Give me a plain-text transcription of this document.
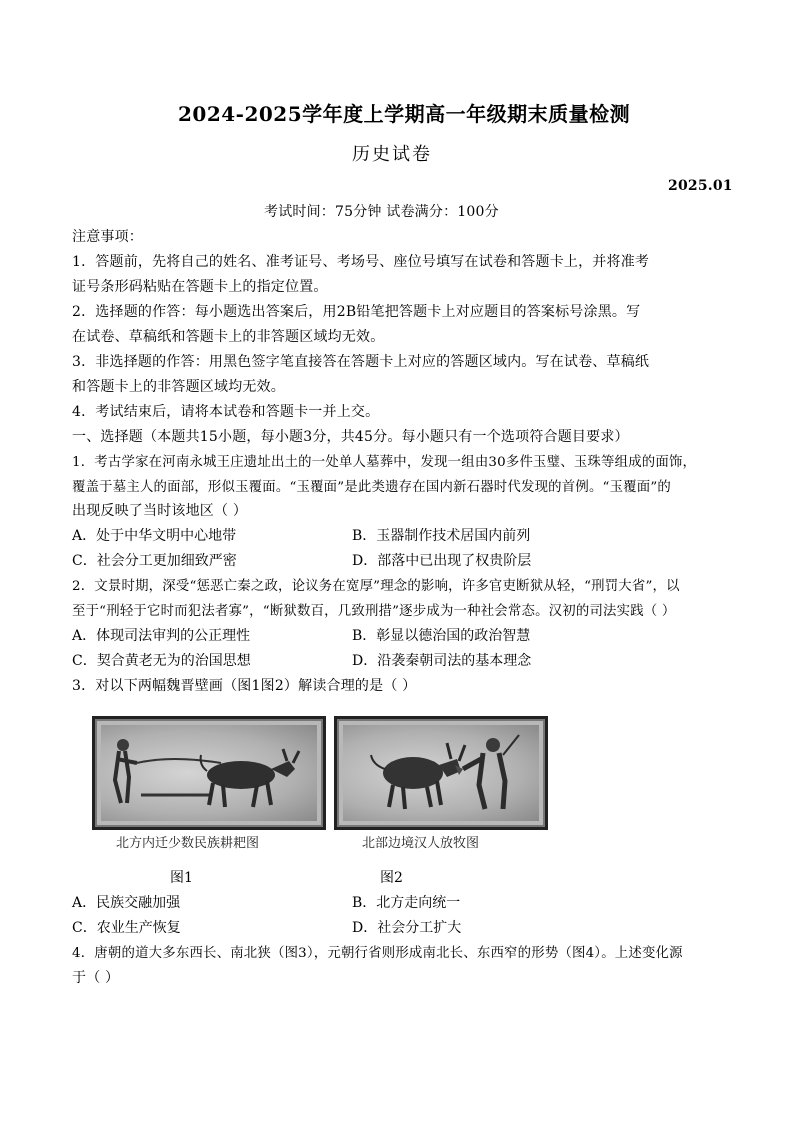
2024-2025学年度上学期高一年级期末质量检测
历史试卷
2025.01
考试时间：75分钟 试卷满分：100分
注意事项：
1．答题前，先将自己的姓名、准考证号、考场号、座位号填写在试卷和答题卡上，并将准考
证号条形码粘贴在答题卡上的指定位置。
2．选择题的作答：每小题选出答案后，用2B铅笔把答题卡上对应题目的答案标号涂黑。写
在试卷、草稿纸和答题卡上的非答题区域均无效。
3．非选择题的作答：用黑色签字笔直接答在答题卡上对应的答题区域内。写在试卷、草稿纸
和答题卡上的非答题区域均无效。
4．考试结束后，请将本试卷和答题卡一并上交。
一、选择题（本题共15小题，每小题3分，共45分。每小题只有一个选项符合题目要求）
1．考古学家在河南永城王庄遗址出土的一处单人墓葬中，发现一组由30多件玉璧、玉珠等组成的面饰，
覆盖于墓主人的面部，形似玉覆面。“玉覆面”是此类遗存在国内新石器时代发现的首例。“玉覆面”的
出现反映了当时该地区（ ）
A．处于中华文明中心地带	B．玉器制作技术居国内前列
C．社会分工更加细致严密	D．部落中已出现了权贵阶层
2．文景时期，深受“惩恶亡秦之政，论议务在宽厚”理念的影响，许多官吏断狱从轻，“刑罚大省”，以
至于“刑轻于它时而犯法者寡”，“断狱数百，几致刑措”逐步成为一种社会常态。汉初的司法实践（ ）
A．体现司法审判的公正理性	B．彰显以德治国的政治智慧
C．契合黄老无为的治国思想	D．沿袭秦朝司法的基本理念
3．对以下两幅魏晋壁画（图1图2）解读合理的是（ ）
北方内迁少数民族耕耙图	北部边境汉人放牧图
图1	图2
A．民族交融加强	B．北方走向统一
C．农业生产恢复	D．社会分工扩大
4．唐朝的道大多东西长、南北狭（图3），元朝行省则形成南北长、东西窄的形势（图4）。上述变化源
于（ ）
